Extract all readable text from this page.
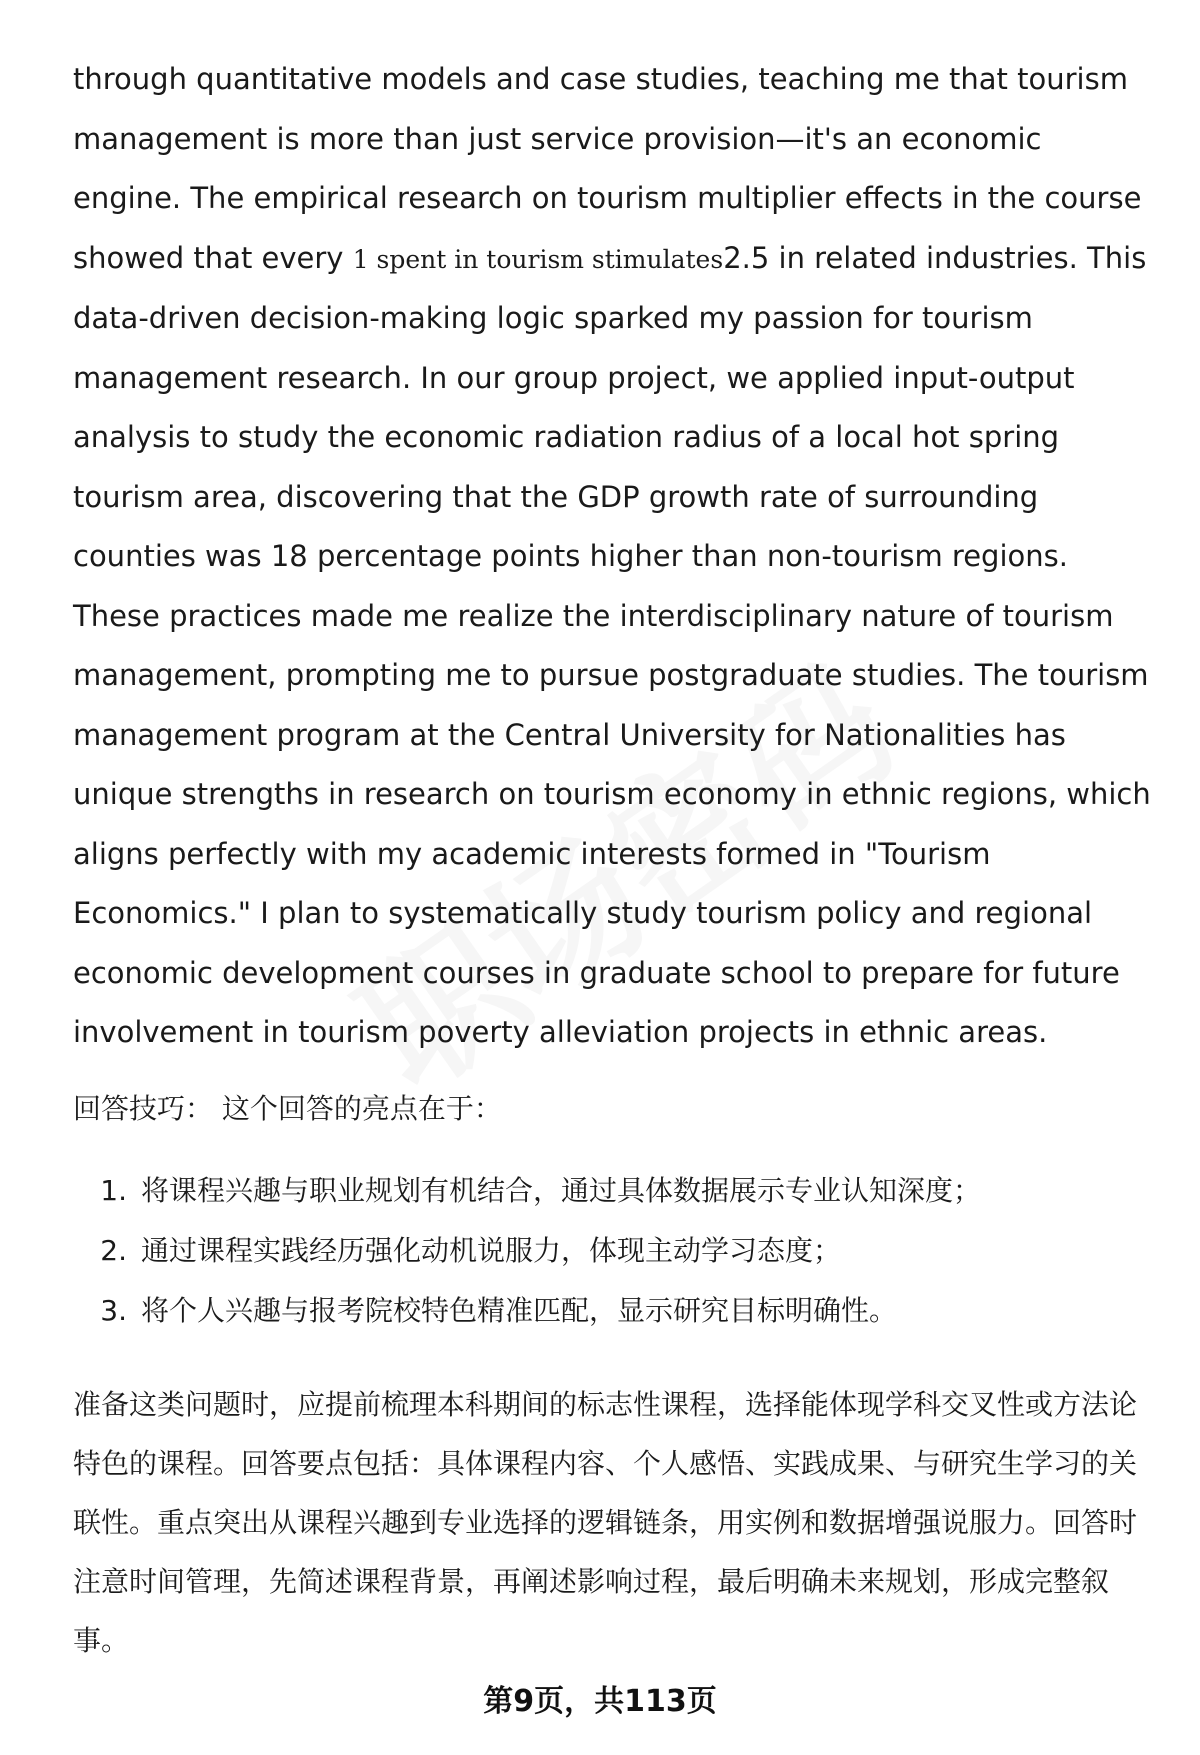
through quantitative models and case studies, teaching me that tourism management is more than just service provision—it's an economic engine. The empirical research on tourism multiplier effects in the course showed that every 1 spent in tourism stimulates2.5 in related industries. This data-driven decision-making logic sparked my passion for tourism management research. In our group project, we applied input-output analysis to study the economic radiation radius of a local hot spring tourism area, discovering that the GDP growth rate of surrounding counties was 18 percentage points higher than non-tourism regions. These practices made me realize the interdisciplinary nature of tourism management, prompting me to pursue postgraduate studies. The tourism management program at the Central University for Nationalities has unique strengths in research on tourism economy in ethnic regions, which aligns perfectly with my academic interests formed in "Tourism Economics." I plan to systematically study tourism policy and regional economic development courses in graduate school to prepare for future involvement in tourism poverty alleviation projects in ethnic areas.

回答技巧： 这个回答的亮点在于：
1. 将课程兴趣与职业规划有机结合，通过具体数据展示专业认知深度；
2. 通过课程实践经历强化动机说服力，体现主动学习态度；
3. 将个人兴趣与报考院校特色精准匹配，显示研究目标明确性。
准备这类问题时，应提前梳理本科期间的标志性课程，选择能体现学科交叉性或方法论特色的课程。回答要点包括：具体课程内容、个人感悟、实践成果、与研究生学习的关联性。重点突出从课程兴趣到专业选择的逻辑链条，用实例和数据增强说服力。回答时注意时间管理，先简述课程背景，再阐述影响过程，最后明确未来规划，形成完整叙事。
第9页，共113页
